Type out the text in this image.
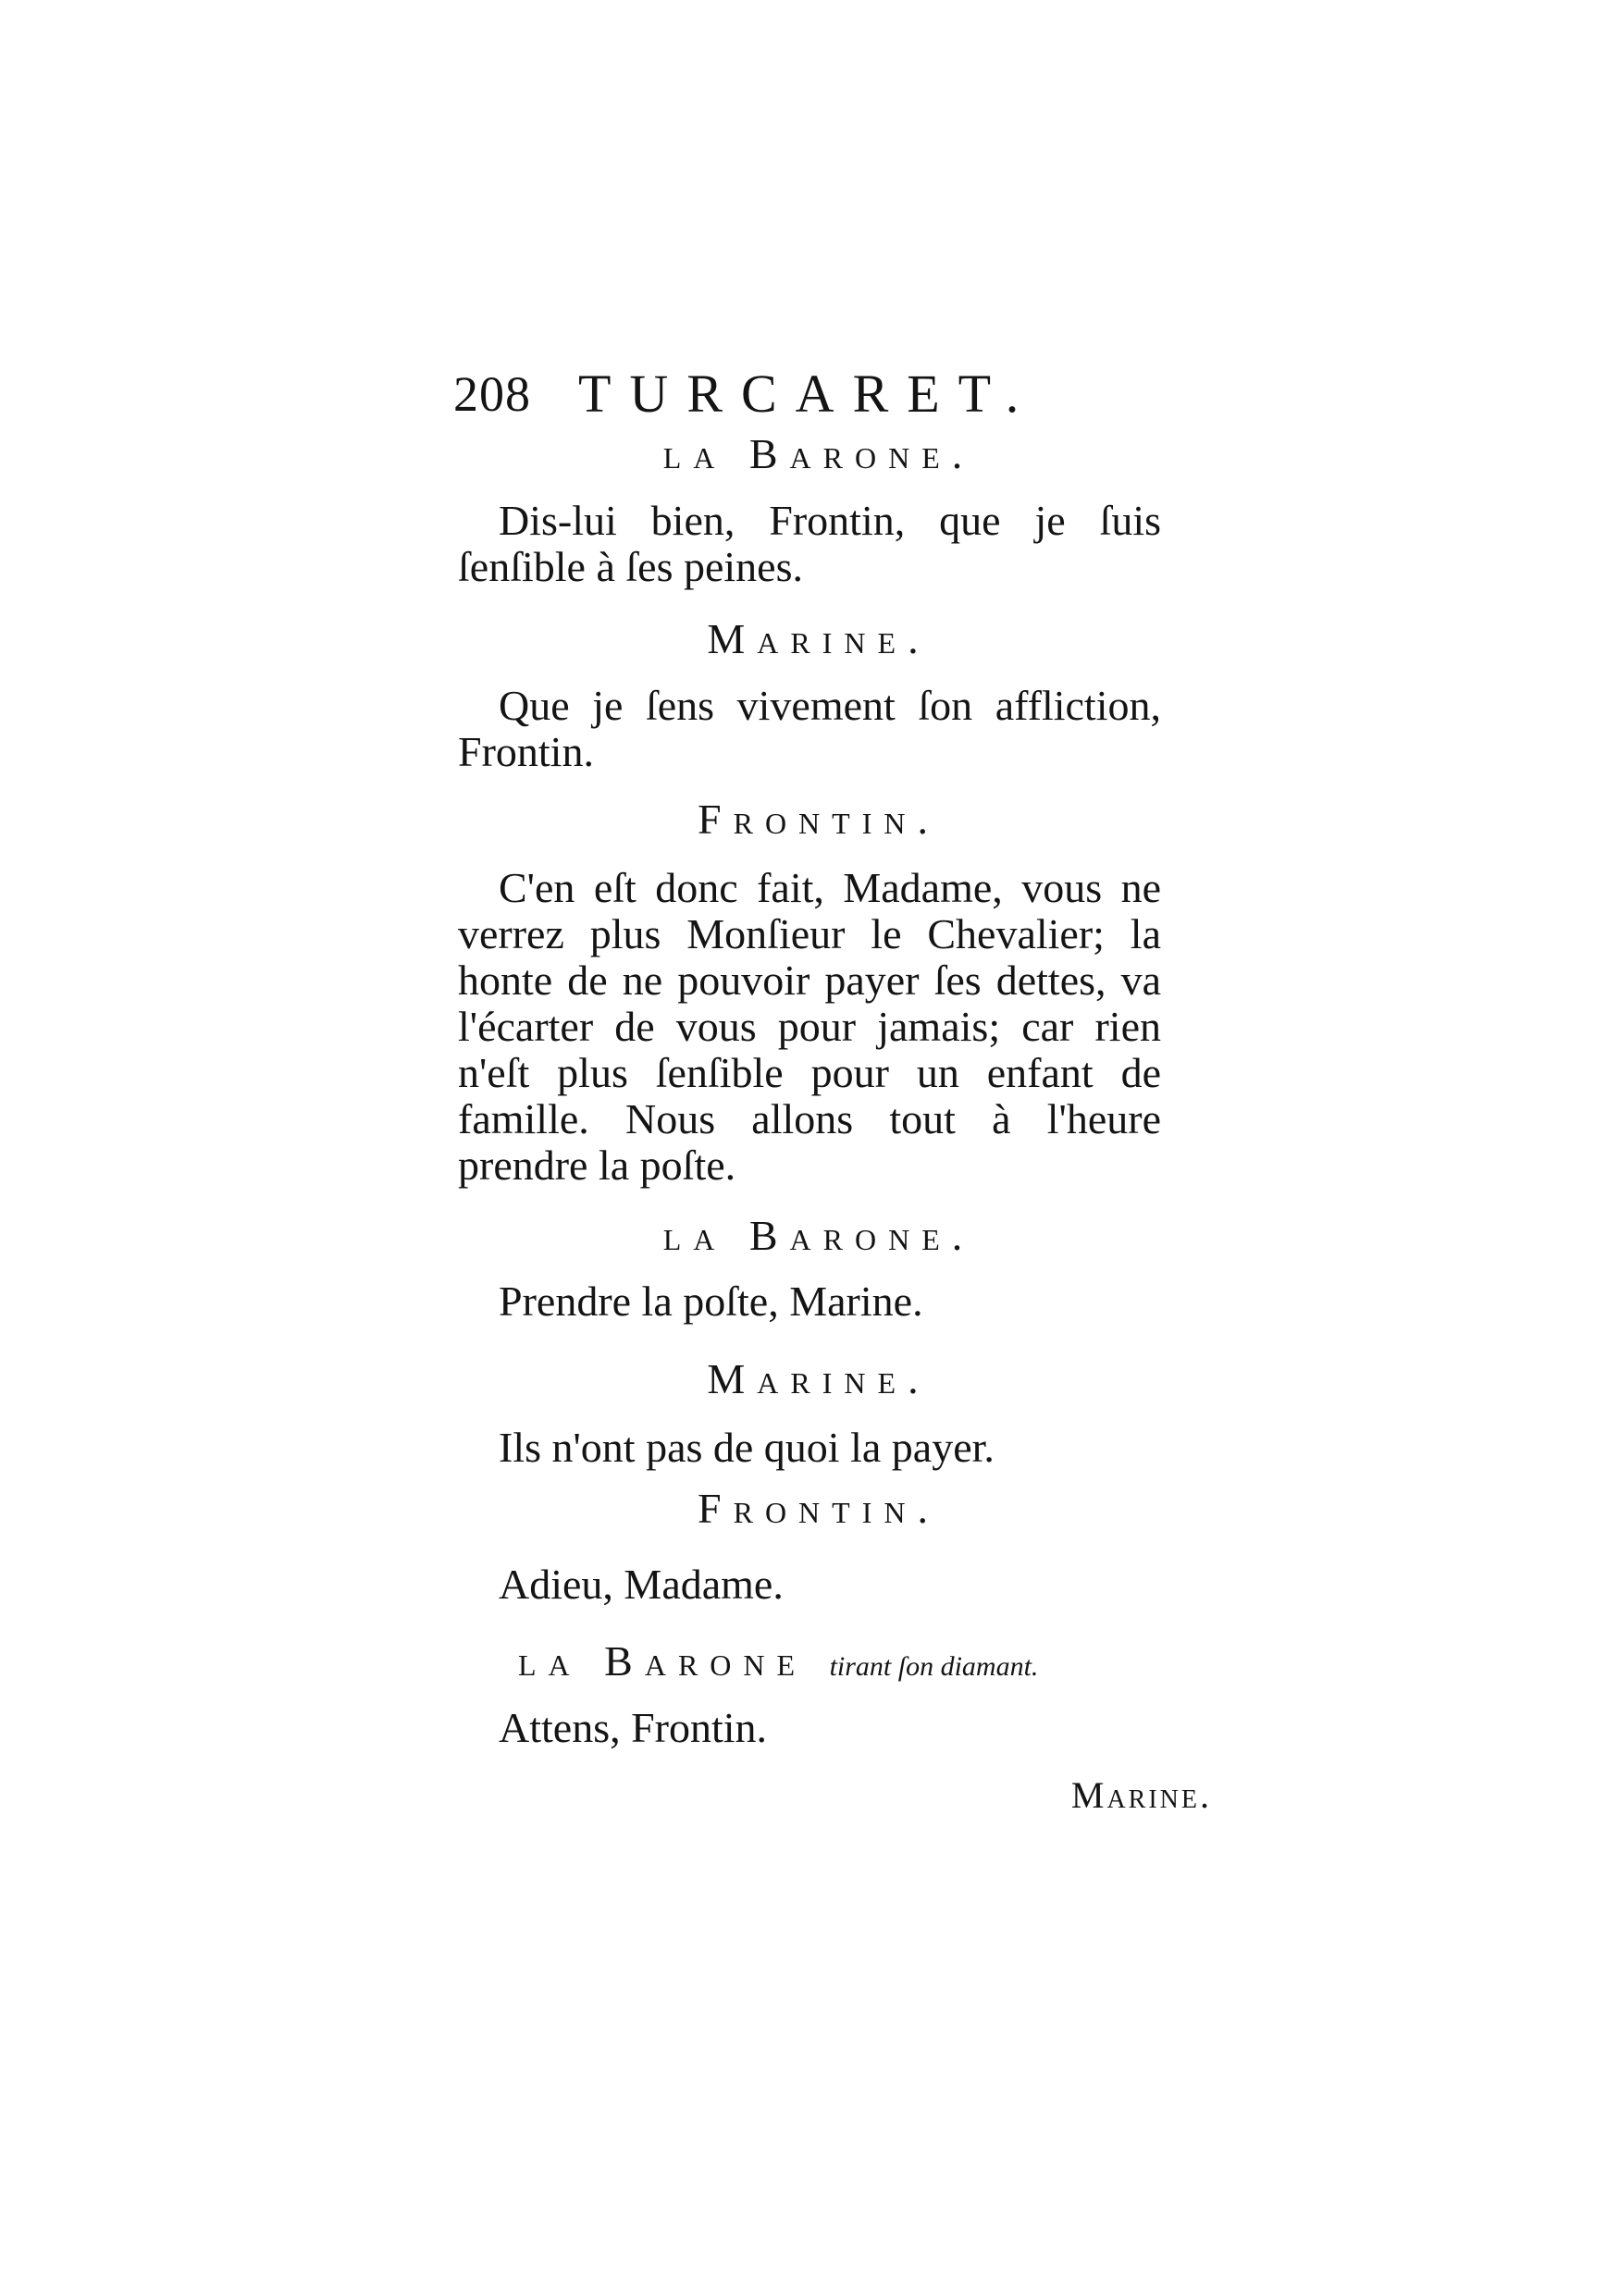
208 TURCARET.
la Barone.

Dis-lui bien, Frontin, que je ſuis ſenſible à ſes peines.

Marine.

Que je ſens vivement ſon affliction, Frontin.

Frontin.

C'en eſt donc fait, Madame, vous ne verrez plus Monſieur le Chevalier; la honte de ne pouvoir payer ſes dettes, va l'écarter de vous pour jamais; car rien n'eſt plus ſenſible pour un enfant de famille. Nous allons tout à l'heure prendre la poſte.

la Barone.

Prendre la poſte, Marine.

Marine.

Ils n'ont pas de quoi la payer.

Frontin.

Adieu, Madame.

la Barone tirant ſon diamant.

Attens, Frontin.

Marine.
